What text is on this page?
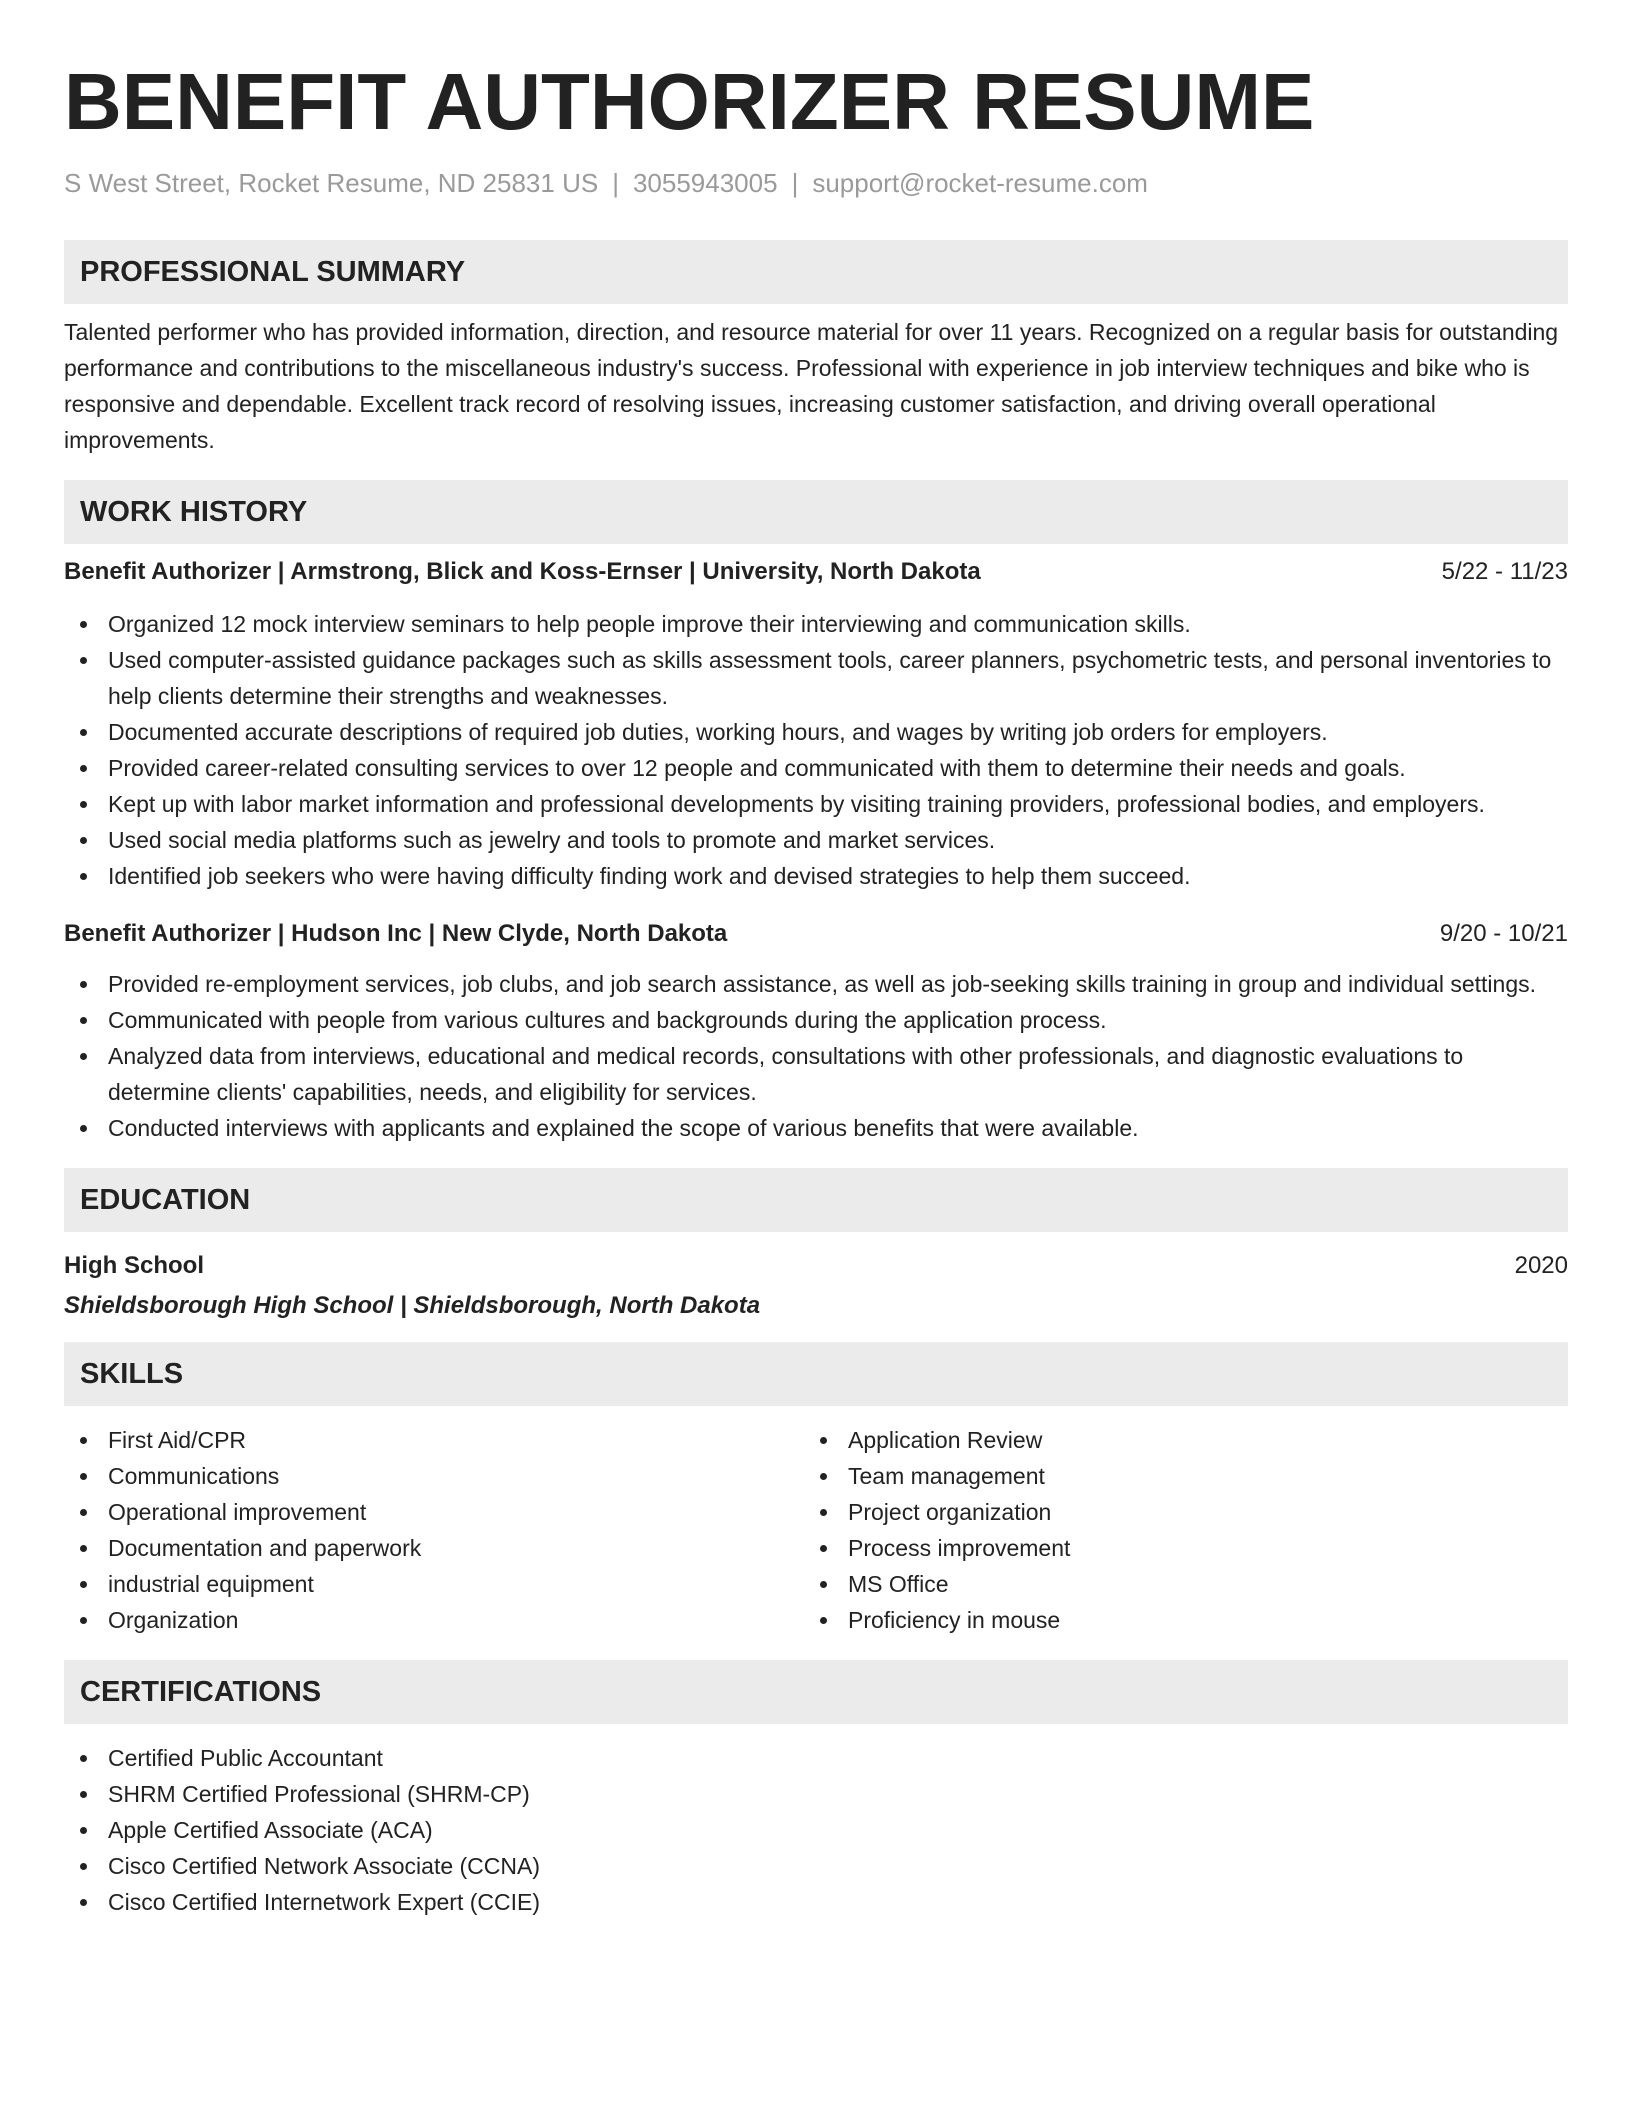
BENEFIT AUTHORIZER RESUME
S West Street, Rocket Resume, ND 25831 US | 3055943005 | support@rocket-resume.com
PROFESSIONAL SUMMARY

Talented performer who has provided information, direction, and resource material for over 11 years. Recognized on a regular basis for outstanding performance and contributions to the miscellaneous industry's success. Professional with experience in job interview techniques and bike who is responsive and dependable. Excellent track record of resolving issues, increasing customer satisfaction, and driving overall operational improvements.

WORK HISTORY
Benefit Authorizer | Armstrong, Blick and Koss-Ernser | University, North Dakota	5/22 - 11/23
Organized 12 mock interview seminars to help people improve their interviewing and communication skills.
Used computer-assisted guidance packages such as skills assessment tools, career planners, psychometric tests, and personal inventories to help clients determine their strengths and weaknesses.
Documented accurate descriptions of required job duties, working hours, and wages by writing job orders for employers.
Provided career-related consulting services to over 12 people and communicated with them to determine their needs and goals.
Kept up with labor market information and professional developments by visiting training providers, professional bodies, and employers.
Used social media platforms such as jewelry and tools to promote and market services.
Identified job seekers who were having difficulty finding work and devised strategies to help them succeed.
Benefit Authorizer | Hudson Inc | New Clyde, North Dakota	9/20 - 10/21
Provided re-employment services, job clubs, and job search assistance, as well as job-seeking skills training in group and individual settings.
Communicated with people from various cultures and backgrounds during the application process.
Analyzed data from interviews, educational and medical records, consultations with other professionals, and diagnostic evaluations to determine clients' capabilities, needs, and eligibility for services.
Conducted interviews with applicants and explained the scope of various benefits that were available.
EDUCATION
High School	2020
Shieldsborough High School | Shieldsborough, North Dakota
SKILLS
First Aid/CPR
Communications
Operational improvement
Documentation and paperwork
industrial equipment
Organization
Application Review
Team management
Project organization
Process improvement
MS Office
Proficiency in mouse
CERTIFICATIONS
Certified Public Accountant
SHRM Certified Professional (SHRM-CP)
Apple Certified Associate (ACA)
Cisco Certified Network Associate (CCNA)
Cisco Certified Internetwork Expert (CCIE)
